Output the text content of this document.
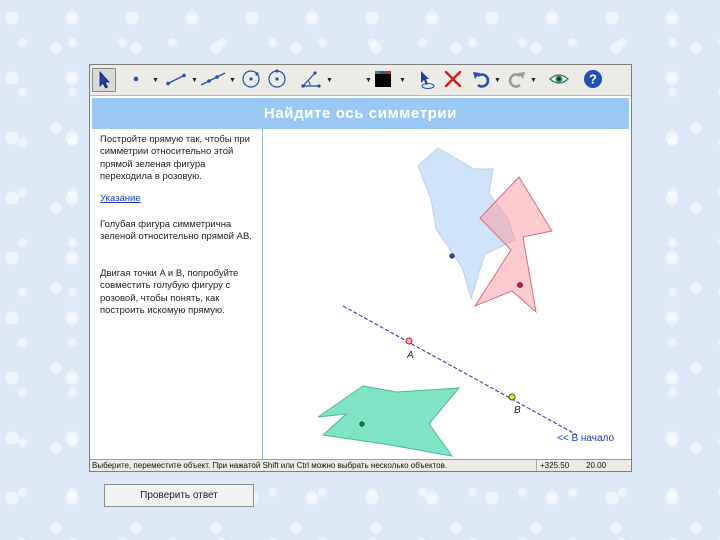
▼	▼	▼	▼	▼	▼	▼	▼	?
Найдите ось симметрии
Постройте прямую так, чтобы при симметрии относительно этой прямой зеленая фигура переходила в розовую.
Указание
Голубая фигура симметрична зеленой относительно прямой AB.
Двигая точки A и B, попробуйте совместить голубую фигуру с розовой, чтобы понять, как построить искомую прямую.
Проверить ответ
A
B
<< В начало
Выберите, переместите объект. При нажатой Shift или Ctrl можно выбрать несколько объектов.	+325.50 20.00
